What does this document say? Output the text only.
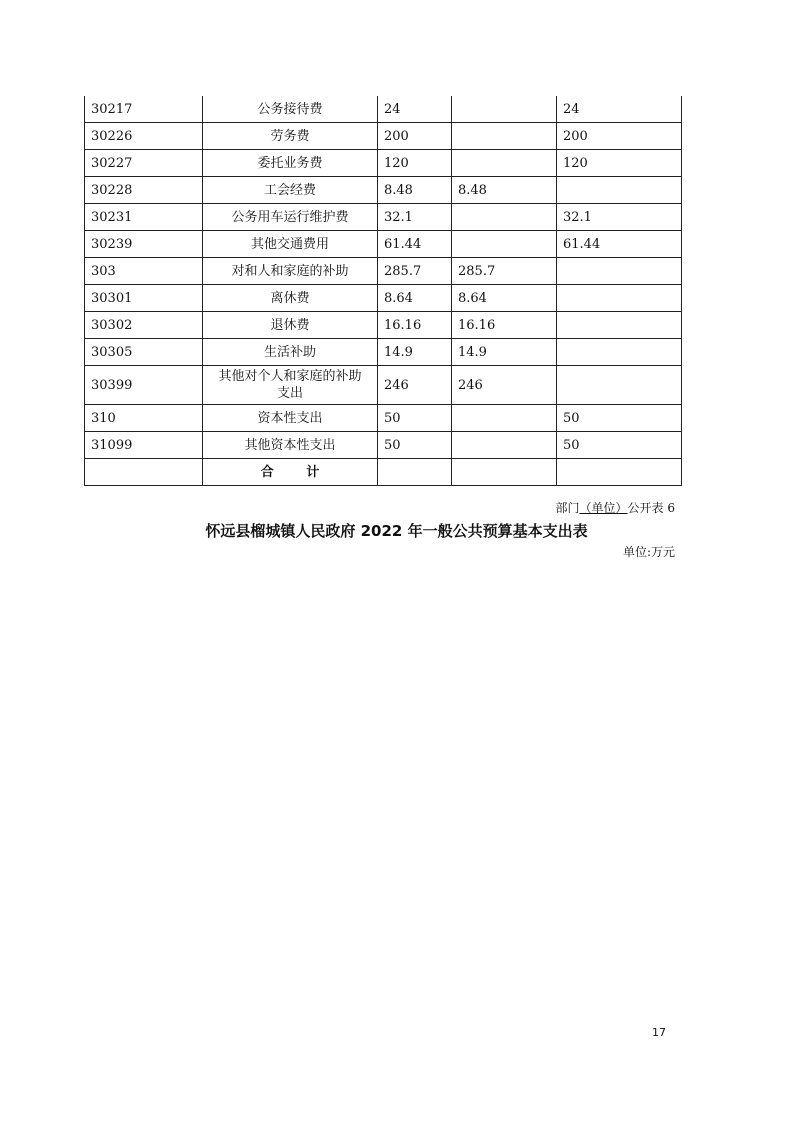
30217	公务接待费	24		24
30226	劳务费	200		200
30227	委托业务费	120		120
30228	工会经费	8.48	8.48	
30231	公务用车运行维护费	32.1		32.1
30239	其他交通费用	61.44		61.44
303	对和人和家庭的补助	285.7	285.7	
30301	离休费	8.64	8.64	
30302	退休费	16.16	16.16	
30305	生活补助	14.9	14.9	
30399	其他对个人和家庭的补助支出	246	246	
310	资本性支出	50		50
31099	其他资本性支出	50		50
	合 计			
部门（单位）公开表 6
怀远县榴城镇人民政府 2022 年一般公共预算基本支出表
单位:万元
17
